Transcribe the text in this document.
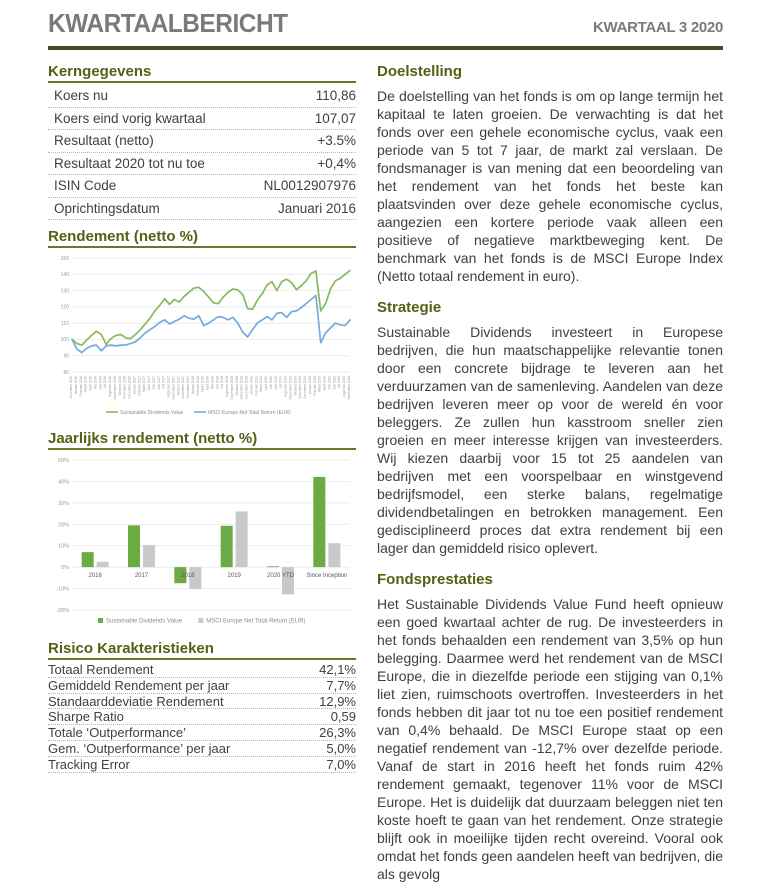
KWARTAALBERICHT	KWARTAAL 3 2020
Kerngegevens
Koers nu	110,86
Koers eind vorig kwartaal	107,07
Resultaat (netto)	+3.5%
Resultaat 2020 tot nu toe	+0,4%
ISIN Code	NL0012907976
Oprichtingsdatum	Januari 2016
Rendement (netto %)
80
90
100
110
120
130
140
150
December 2015 Januari 2016 Februari 2016 Maart 2016 April 2016 Mei 2016 Juni 2016 Juli 2016 Augustus 2016 September 2016 Oktober 2016 November 2016 December 2016 Januari 2017 Februari 2017 Maart 2017 April 2017 Mei 2017 Juni 2017 Juli 2017 Augustus 2017 September 2017 Oktober 2017 November 2017 December 2017 Januari 2018 Februari 2018 Maart 2018 April 2018 Mei 2018 Juni 2018 Juli 2018 Augustus 2018 September 2018 Oktober 2018 November 2018 December 2018 Januari 2019 Februari 2019 Maart 2019 April 2019 Mei 2019 Juni 2019 Juli 2019 Augustus 2019 September 2019 Oktober 2019 November 2019 December 2019 Januari 2020 Februari 2020 Maart 2020 April 2020 Mei 2020 Juni 2020 Juli 2020 Augustus 2020 September 2020
Sustainable Dividends Value	MSCI Europe Net Total Return (EUR)
Jaarlijks rendement (netto %)
-20%
-10%
0%
10%
20%
30%
40%
50%
2016	2017	2018	2019	2020 YTD Since Inception
Sustainable Dividends Value	MSCI Europe Net Total Return (EUR)
Risico Karakteristieken
Totaal Rendement	42,1%
Gemiddeld Rendement per jaar	7,7%
Standaarddeviatie Rendement	12,9%
Sharpe Ratio	0,59
Totale ‘Outperformance’	26,3%
Gem. ‘Outperformance’ per jaar	5,0%
Tracking Error	7,0%
Doelstelling

De doelstelling van het fonds is om op lange termijn het kapitaal te laten groeien. De verwachting is dat het fonds over een gehele economische cyclus, vaak een periode van 5 tot 7 jaar, de markt zal verslaan. De fondsmanager is van mening dat een beoordeling van het rendement van het fonds het beste kan plaatsvinden over deze gehele economische cyclus, aangezien een kortere periode vaak alleen een positieve of negatieve marktbeweging kent. De benchmark van het fonds is de MSCI Europe Index (Netto totaal rendement in euro).

Strategie

Sustainable Dividends investeert in Europese bedrijven, die hun maatschappelijke relevantie tonen door een concrete bijdrage te leveren aan het verduurzamen van de samenleving. Aandelen van deze bedrijven leveren meer op voor de wereld én voor beleggers. Ze zullen hun kasstroom sneller zien groeien en meer interesse krijgen van investeerders. Wij kiezen daarbij voor 15 tot 25 aandelen van bedrijven met een voorspelbaar en winstgevend bedrijfsmodel, een sterke balans, regelmatige dividendbetalingen en betrokken management. Een gedisciplineerd proces dat extra rendement bij een lager dan gemiddeld risico oplevert.

Fondsprestaties

Het Sustainable Dividends Value Fund heeft opnieuw een goed kwartaal achter de rug. De investeerders in het fonds behaalden een rendement van 3,5% op hun belegging. Daarmee werd het rendement van de MSCI Europe, die in diezelfde periode een stijging van 0,1% liet zien, ruimschoots overtroffen. Investeerders in het fonds hebben dit jaar tot nu toe een positief rendement van 0,4% behaald. De MSCI Europe staat op een negatief rendement van -12,7% over dezelfde periode. Vanaf de start in 2016 heeft het fonds ruim 42% rendement gemaakt, tegenover 11% voor de MSCI Europe. Het is duidelijk dat duurzaam beleggen niet ten koste hoeft te gaan van het rendement. Onze strategie blijft ook in moeilijke tijden recht overeind. Vooral ook omdat het fonds geen aandelen heeft van bedrijven, die als gevolg
